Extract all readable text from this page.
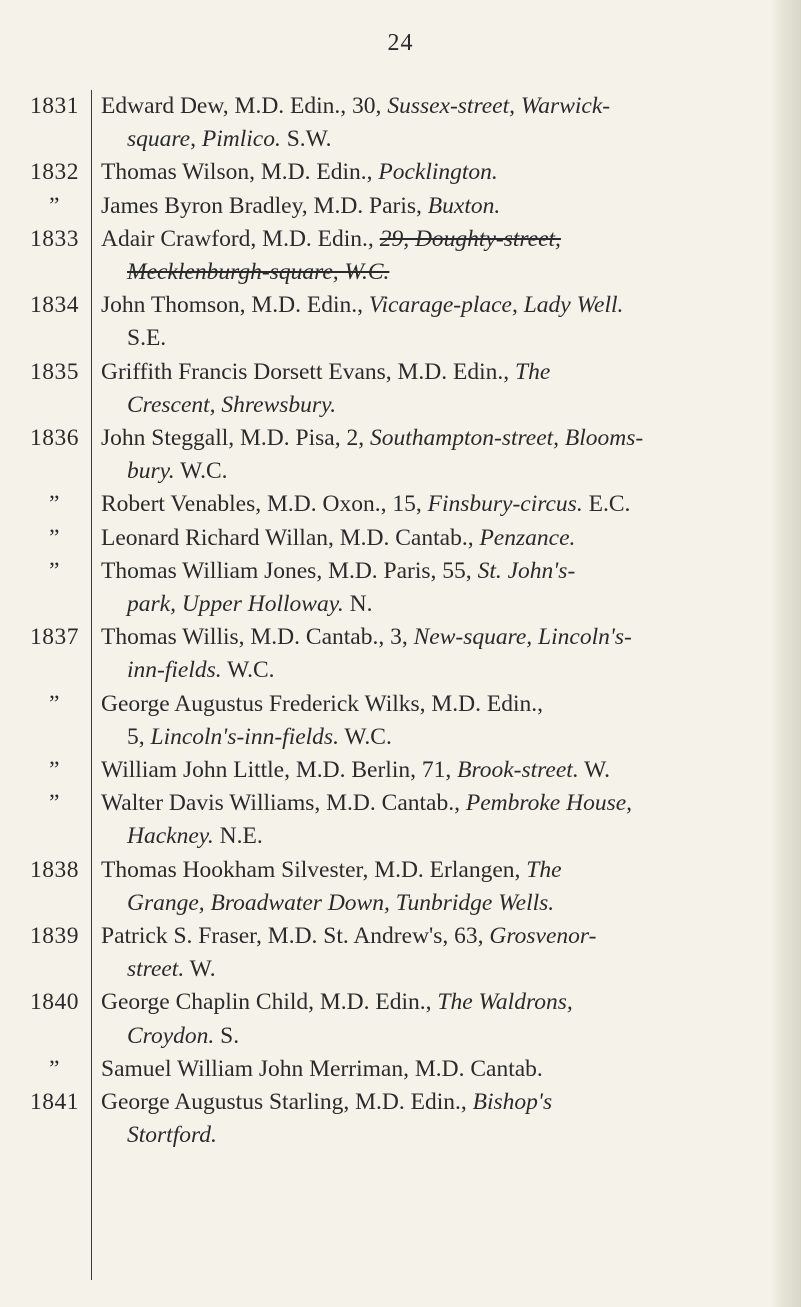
24
1831 Edward Dew, M.D. Edin., 30, Sussex-street, Warwick-
square, Pimlico. S.W.
1832 Thomas Wilson, M.D. Edin., Pocklington.
”	James Byron Bradley, M.D. Paris, Buxton.
1833 Adair Crawford, M.D. Edin., 29, Doughty-street,
Mecklenburgh-square, W.C.
1834 John Thomson, M.D. Edin., Vicarage-place, Lady Well.
S.E.
1835 Griffith Francis Dorsett Evans, M.D. Edin., The
Crescent, Shrewsbury.
1836 John Steggall, M.D. Pisa, 2, Southampton-street, Blooms-
bury. W.C.
”	Robert Venables, M.D. Oxon., 15, Finsbury-circus. E.C.
”	Leonard Richard Willan, M.D. Cantab., Penzance.
”	Thomas William Jones, M.D. Paris, 55, St. John's-
park, Upper Holloway. N.
1837 Thomas Willis, M.D. Cantab., 3, New-square, Lincoln's-
inn-fields. W.C.
”	George Augustus Frederick Wilks, M.D. Edin.,
5, Lincoln's-inn-fields. W.C.
”	William John Little, M.D. Berlin, 71, Brook-street. W.
”	Walter Davis Williams, M.D. Cantab., Pembroke House,
Hackney. N.E.
1838 Thomas Hookham Silvester, M.D. Erlangen, The
Grange, Broadwater Down, Tunbridge Wells.
1839 Patrick S. Fraser, M.D. St. Andrew's, 63, Grosvenor-
street. W.
1840 George Chaplin Child, M.D. Edin., The Waldrons,
Croydon. S.
”	Samuel William John Merriman, M.D. Cantab.
1841 George Augustus Starling, M.D. Edin., Bishop's
Stortford.
